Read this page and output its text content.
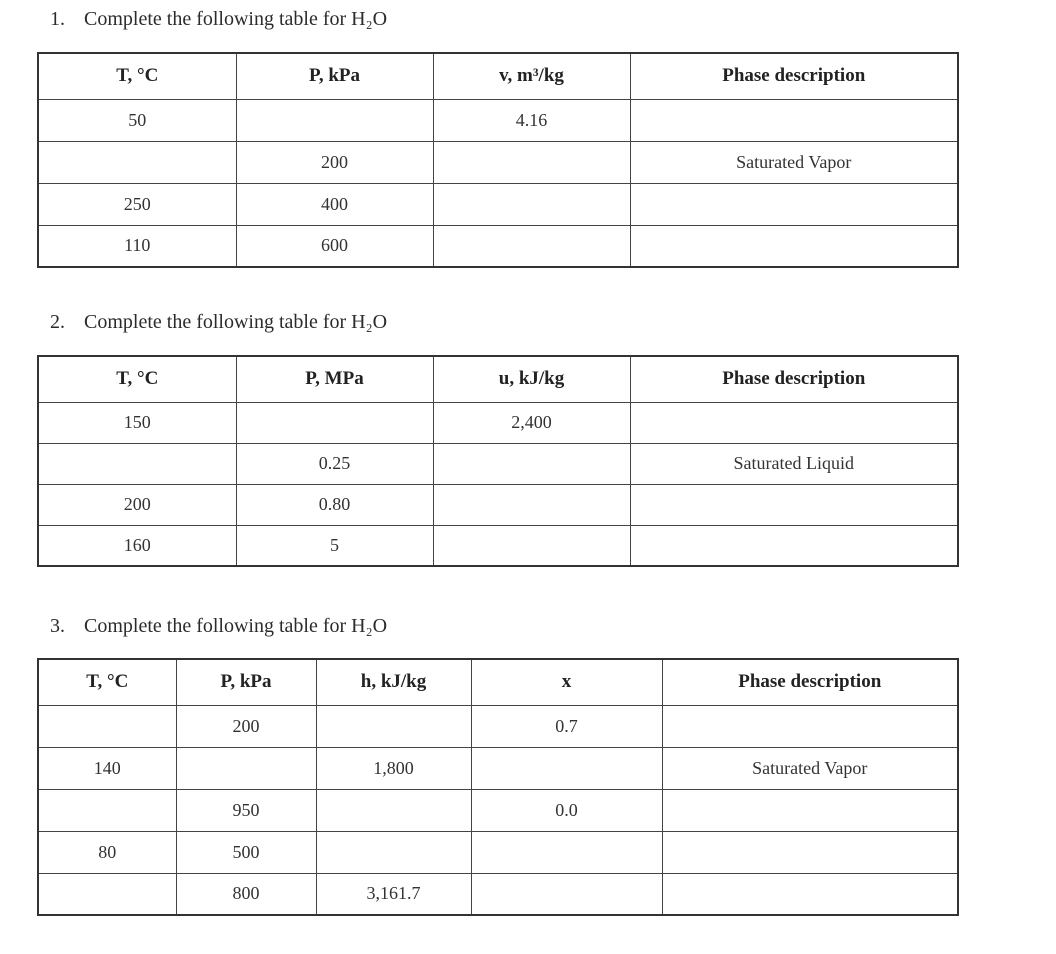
1. Complete the following table for H₂O
T, °C	P, kPa	v, m³/kg	Phase description
50		4.16	
	200		Saturated Vapor
250	400		
110	600		
2. Complete the following table for H₂O
T, °C	P, MPa	u, kJ/kg	Phase description
150		2,400	
	0.25		Saturated Liquid
200	0.80		
160	5		
3. Complete the following table for H₂O
T, °C	P, kPa	h, kJ/kg	x	Phase description
	200		0.7	
140		1,800		Saturated Vapor
	950		0.0	
80	500			
	800	3,161.7		
